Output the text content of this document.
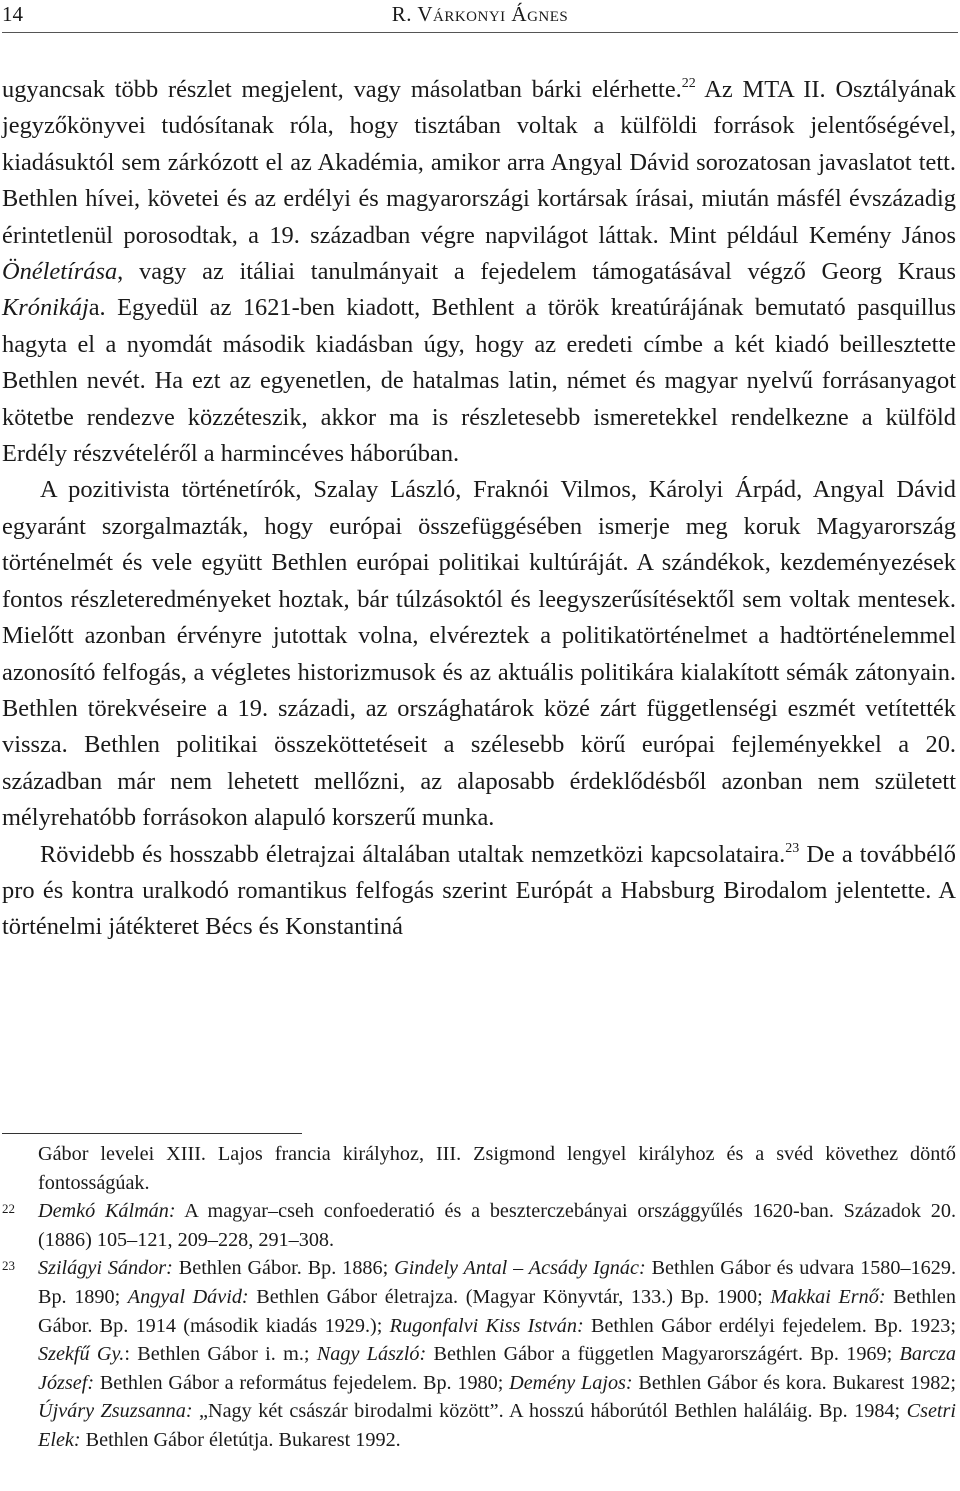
14	R. Várkonyi Ágnes

ugyancsak több részlet megjelent, vagy másolatban bárki elérhette.$^{22}$ Az MTA II. Osztályának jegyzőkönyvei tudósítanak róla, hogy tisztában voltak a külföldi források jelentőségével, kiadásuktól sem zárkózott el az Akadémia, amikor arra Angyal Dávid sorozatosan javaslatot tett. Bethlen hívei, követei és az erdélyi és magyarországi kortársak írásai, miután másfél évszázadig érintetlenül porosodtak, a 19. században végre napvilágot láttak. Mint például Kemény János Önéletírása, vagy az itáliai tanulmányait a fejedelem támogatásával végző Georg Kraus Krónikája. Egyedül az 1621-ben kiadott, Bethlent a török kreatúrájának bemutató pasquillus hagyta el a nyomdát második kiadásban úgy, hogy az eredeti címbe a két kiadó beillesztette Bethlen nevét. Ha ezt az egyenetlen, de hatalmas latin, német és magyar nyelvű forrásanyagot kötetbe rendezve közzéteszik, akkor ma is részletesebb ismeretekkel rendelkezne a külföld Erdély részvételéről a harmincéves háborúban.

A pozitivista történetírók, Szalay László, Fraknói Vilmos, Károlyi Árpád, Angyal Dávid egyaránt szorgalmazták, hogy európai összefüggésében ismerje meg koruk Magyarország történelmét és vele együtt Bethlen európai politikai kultúráját. A szándékok, kezdeményezések fontos részleteredményeket hoztak, bár túlzásoktól és leegyszerűsítésektől sem voltak mentesek. Mielőtt azonban érvényre jutottak volna, elvéreztek a politikatörténelmet a hadtörténelemmel azonosító felfogás, a végletes historizmusok és az aktuális politikára kialakított sémák zátonyain. Bethlen törekvéseire a 19. századi, az országhatárok közé zárt függetlenségi eszmét vetítették vissza. Bethlen politikai összeköttetéseit a szélesebb körű európai fejleményekkel a 20. században már nem lehetett mellőzni, az alaposabb érdeklődésből azonban nem született mélyrehatóbb forrásokon alapuló korszerű munka.

Rövidebb és hosszabb életrajzai általában utaltak nemzetközi kapcsolataira.$^{23}$ De a továbbélő pro és kontra uralkodó romantikus felfogás szerint Európát a Habsburg Birodalom jelentette. A történelmi játékteret Bécs és Konstantiná

Gábor levelei XIII. Lajos francia királyhoz, III. Zsigmond lengyel királyhoz és a svéd követhez döntő fontosságúak.
22 Demkó Kálmán: A magyar–cseh confoederatió és a beszterczebányai országgyűlés 1620-ban. Századok 20. (1886) 105–121, 209–228, 291–308.
23 Szilágyi Sándor: Bethlen Gábor. Bp. 1886; Gindely Antal – Acsády Ignác: Bethlen Gábor és udvara 1580–1629. Bp. 1890; Angyal Dávid: Bethlen Gábor életrajza. (Magyar Könyvtár, 133.) Bp. 1900; Makkai Ernő: Bethlen Gábor. Bp. 1914 (második kiadás 1929.); Rugonfalvi Kiss István: Bethlen Gábor erdélyi fejedelem. Bp. 1923; Szekfű Gy.: Bethlen Gábor i. m.; Nagy László: Bethlen Gábor a független Magyarországért. Bp. 1969; Barcza József: Bethlen Gábor a református fejedelem. Bp. 1980; Demény Lajos: Bethlen Gábor és kora. Bukarest 1982; Újváry Zsuzsanna: „Nagy két császár birodalmi között”. A hosszú háborútól Bethlen haláláig. Bp. 1984; Csetri Elek: Bethlen Gábor életútja. Bukarest 1992.
